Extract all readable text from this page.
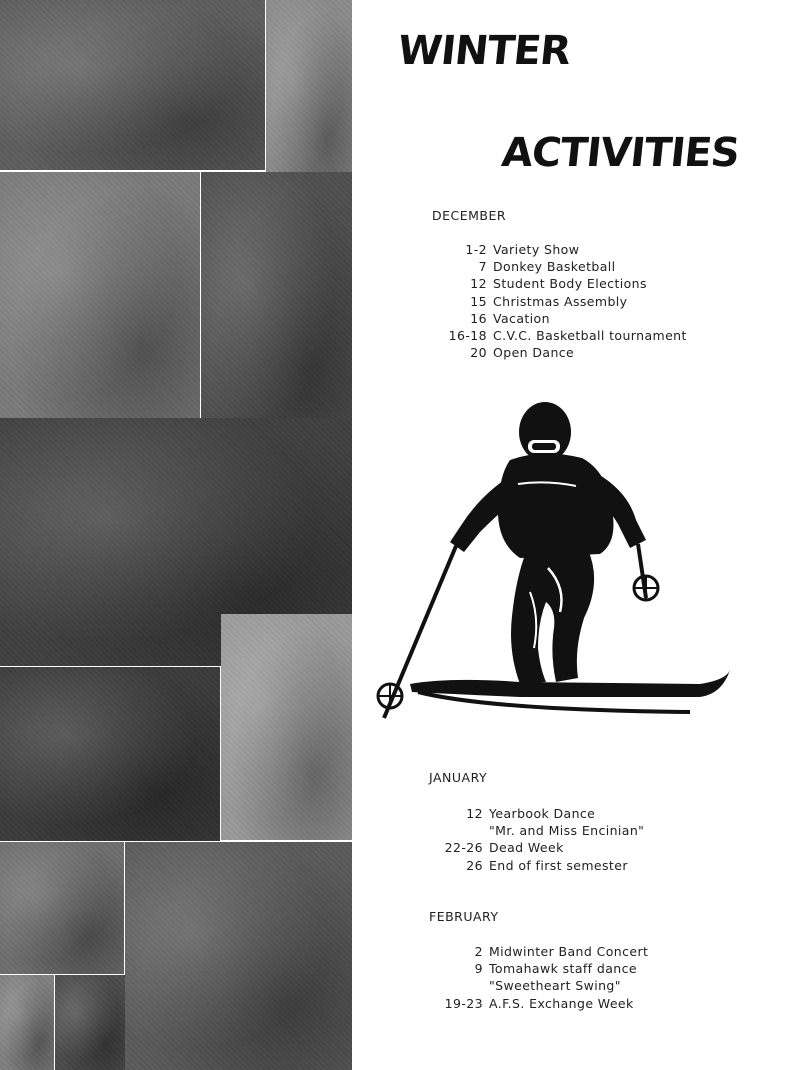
WINTER
ACTIVITIES
DECEMBER
1-2 Variety Show
7 Donkey Basketball
12 Student Body Elections
15 Christmas Assembly
16 Vacation
16-18 C.V.C. Basketball tournament
20 Open Dance
JANUARY
12 Yearbook Dance
"Mr. and Miss Encinian"
22-26 Dead Week
26 End of first semester
FEBRUARY
2 Midwinter Band Concert
9 Tomahawk staff dance
"Sweetheart Swing"
19-23 A.F.S. Exchange Week
